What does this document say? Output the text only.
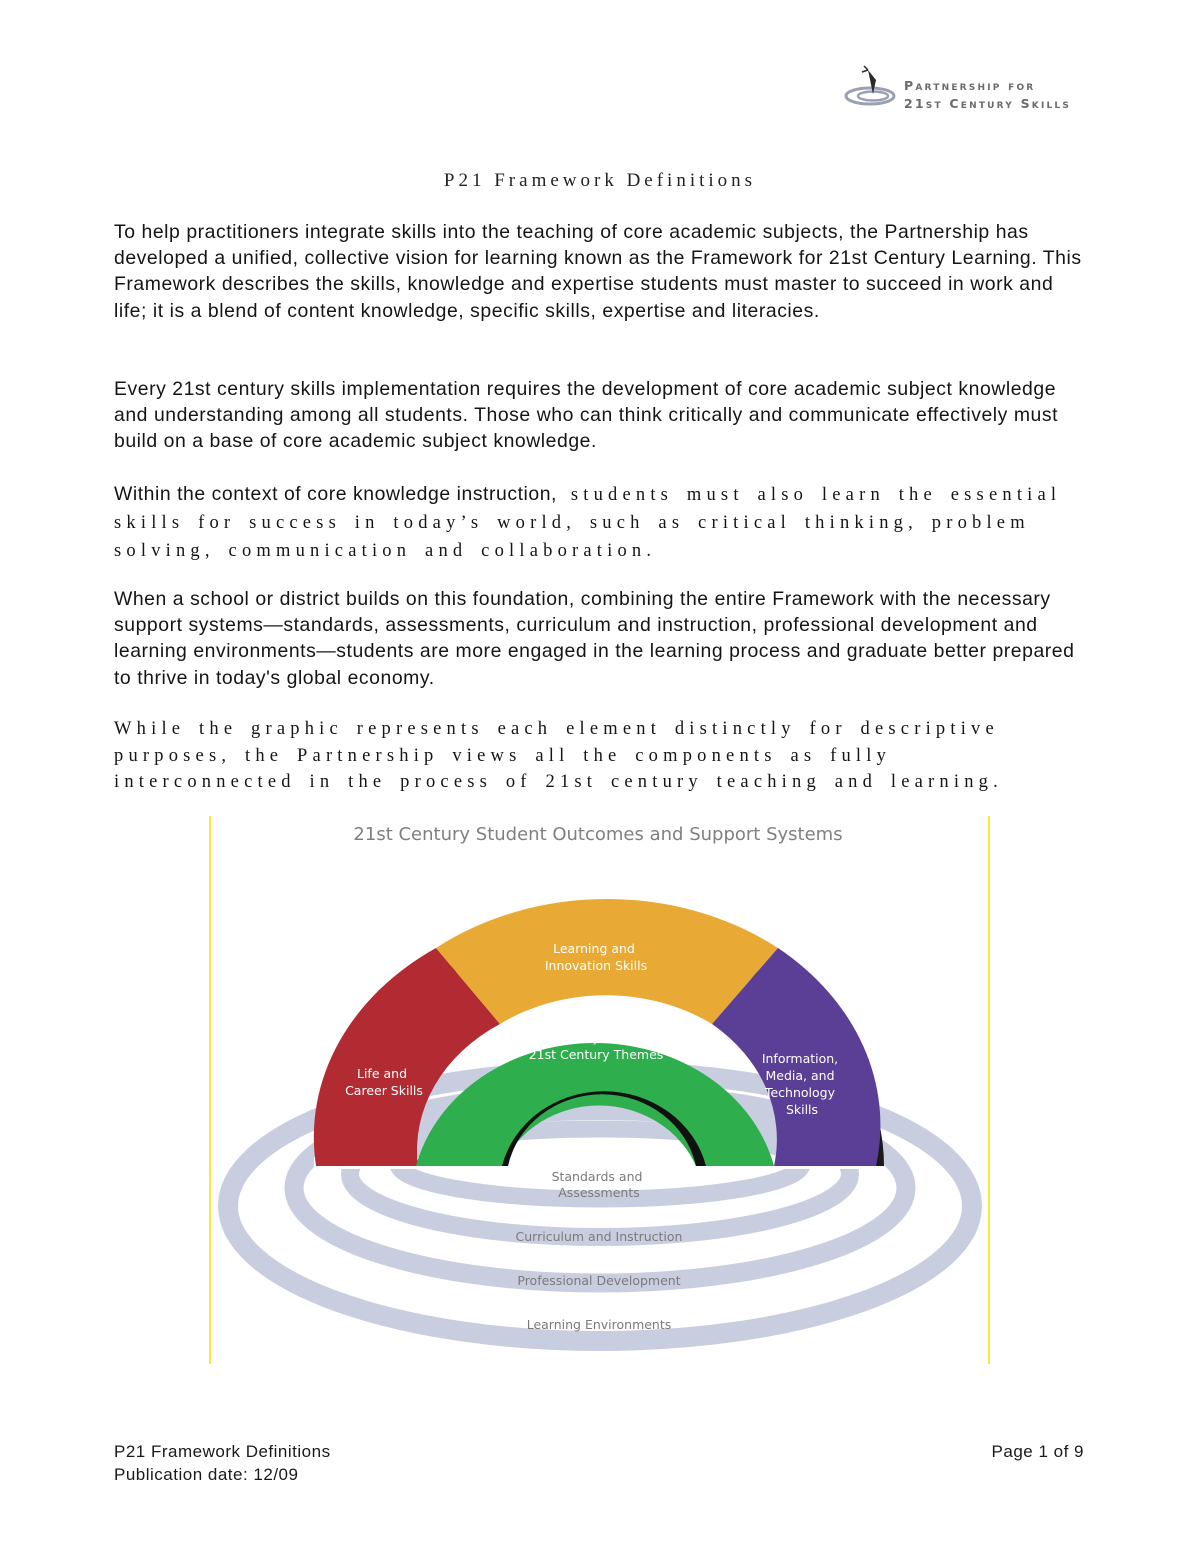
Partnership for
21st Century Skills
P21 Framework Definitions

To help practitioners integrate skills into the teaching of core academic subjects, the Partnership has developed a unified, collective vision for learning known as the Framework for 21st Century Learning. This Framework describes the skills, knowledge and expertise students must master to succeed in work and life; it is a blend of content knowledge, specific skills, expertise and literacies.

Every 21st century skills implementation requires the development of core academic subject knowledge and understanding among all students. Those who can think critically and communicate effectively must build on a base of core academic subject knowledge.

Within the context of core knowledge instruction, students must also learn the essential skills for success in today’s world, such as critical thinking, problem solving, communication and collaboration.

When a school or district builds on this foundation, combining the entire Framework with the necessary support systems—standards, assessments, curriculum and instruction, professional development and learning environments—students are more engaged in the learning process and graduate better prepared to thrive in today's global economy.

While the graphic represents each element distinctly for descriptive purposes, the Partnership views all the components as fully interconnected in the process of 21st century teaching and learning.

21st Century Student Outcomes and Support Systems
Life and Career Skills
Learning and Innovation Skills
Core Subjects and 21st Century Themes	Information, Media, and Technology Skills
Standards and Assessments
Curriculum and Instruction
Professional Development
Learning Environments
P21 Framework Definitions
Publication date: 12/09
Page 1 of 9
